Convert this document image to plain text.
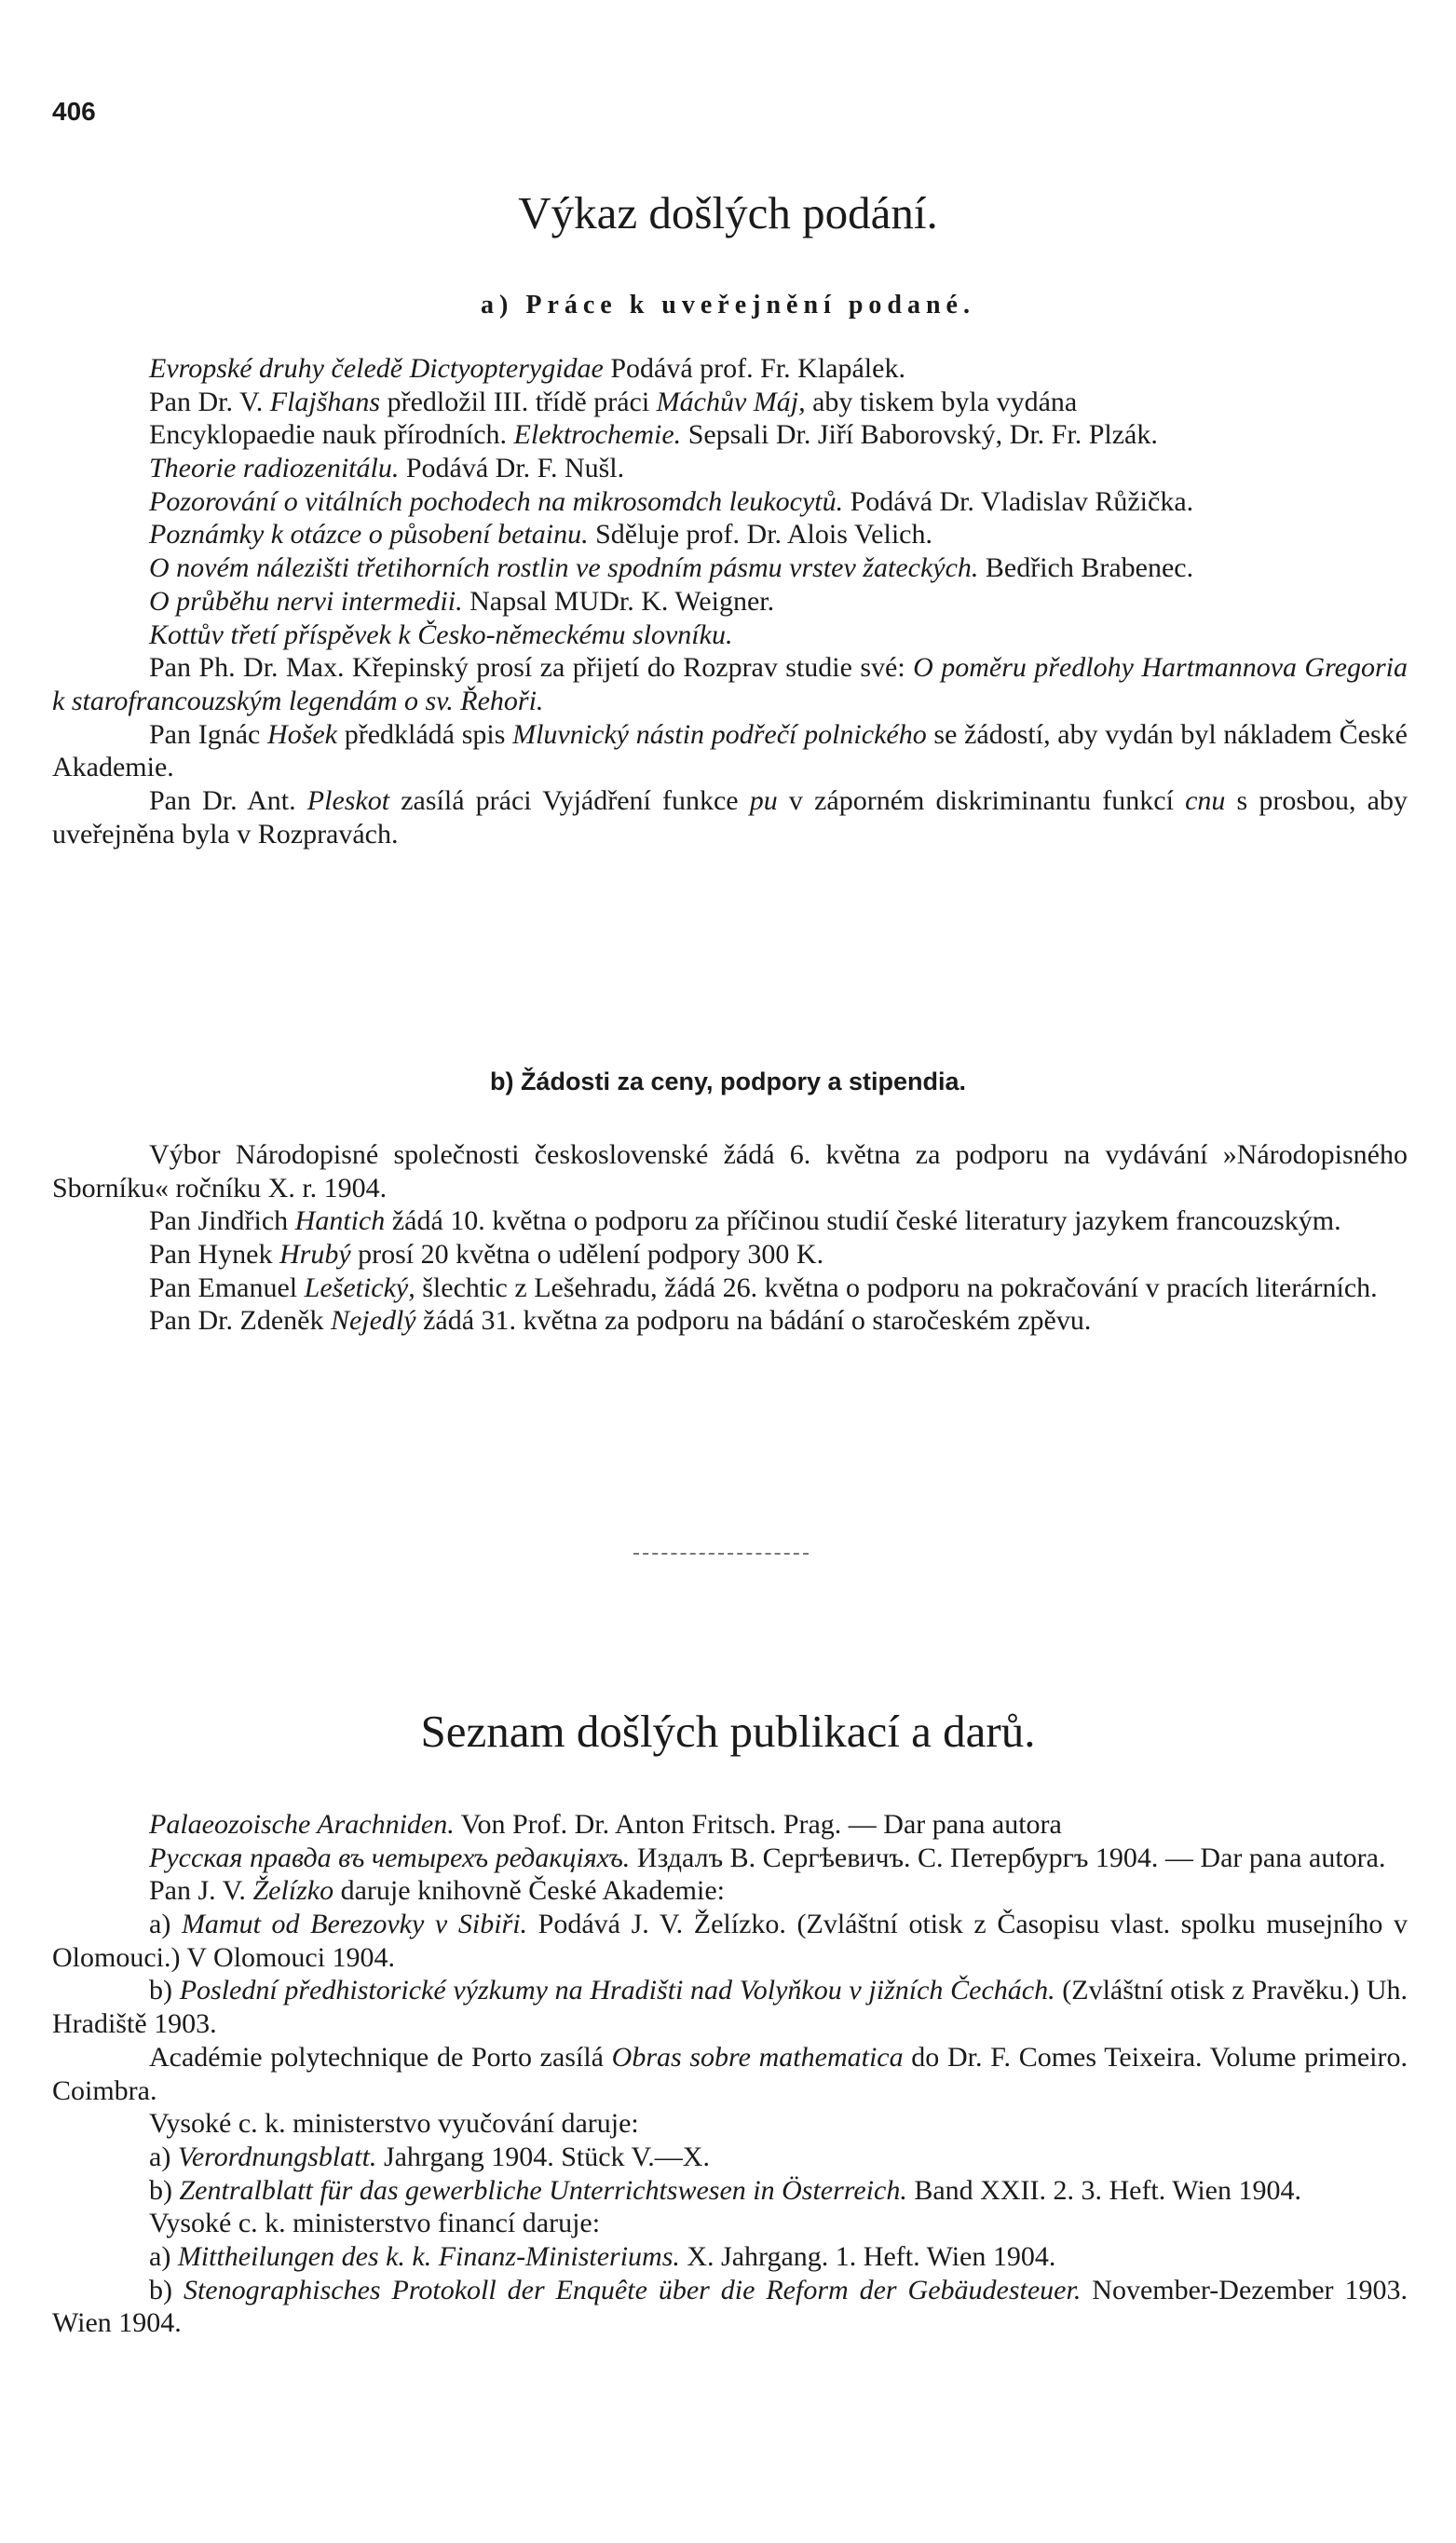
406
Výkaz došlých podání.
a) Práce k uveřejnění podané.

Evropské druhy čeledě Dictyopterygidae Podává prof. Fr. Klapálek.

Pan Dr. V. Flajšhans předložil III. třídě práci Máchův Máj, aby tiskem byla vydána

Encyklopaedie nauk přírodních. Elektrochemie. Sepsali Dr. Jiří Baborovský, Dr. Fr. Plzák.

Theorie radiozenitálu. Podává Dr. F. Nušl.

Pozorování o vitálních pochodech na mikrosomdch leukocytů. Podává Dr. Vladislav Růžička.

Poznámky k otázce o působení betainu. Sděluje prof. Dr. Alois Velich.

O novém nálezišti třetihorních rostlin ve spodním pásmu vrstev žateckých. Bedřich Brabenec.

O průběhu nervi intermedii. Napsal MUDr. K. Weigner.

Kottův třetí příspěvek k Česko-německému slovníku.

Pan Ph. Dr. Max. Křepinský prosí za přijetí do Rozprav studie své: O poměru předlohy Hartmannova Gregoria k starofrancouzským legendám o sv. Řehoři.

Pan Ignác Hošek předkládá spis Mluvnický nástin podřečí polnického se žádostí, aby vydán byl nákladem České Akademie.

Pan Dr. Ant. Pleskot zasílá práci Vyjádření funkce pu v záporném diskriminantu funkcí cnu s prosbou, aby uveřejněna byla v Rozpravách.

b) Žádosti za ceny, podpory a stipendia.

Výbor Národopisné společnosti československé žádá 6. května za podporu na vydávání »Národopisného Sborníku« ročníku X. r. 1904.

Pan Jindřich Hantich žádá 10. května o podporu za příčinou studií české literatury jazykem francouzským.

Pan Hynek Hrubý prosí 20 května o udělení podpory 300 K.

Pan Emanuel Lešetický, šlechtic z Lešehradu, žádá 26. května o podporu na pokračování v pracích literárních.

Pan Dr. Zdeněk Nejedlý žádá 31. května za podporu na bádání o staročeském zpěvu.

Seznam došlých publikací a darů.

Palaeozoische Arachniden. Von Prof. Dr. Anton Fritsch. Prag. — Dar pana autora

Русская правда въ четырехъ редакціяхъ. Издалъ В. Сергѣевичъ. С. Петербургъ 1904. — Dar pana autora.

Pan J. V. Želízko daruje knihovně České Akademie:

a) Mamut od Berezovky v Sibiři. Podává J. V. Želízko. (Zvláštní otisk z Časopisu vlast. spolku musejního v Olomouci.) V Olomouci 1904.

b) Poslední předhistorické výzkumy na Hradišti nad Volyňkou v jižních Čechách. (Zvláštní otisk z Pravěku.) Uh. Hradiště 1903.

Académie polytechnique de Porto zasílá Obras sobre mathematica do Dr. F. Comes Teixeira. Volume primeiro. Coimbra.

Vysoké c. k. ministerstvo vyučování daruje:

a) Verordnungsblatt. Jahrgang 1904. Stück V.—X.

b) Zentralblatt für das gewerbliche Unterrichtswesen in Österreich. Band XXII. 2. 3. Heft. Wien 1904.

Vysoké c. k. ministerstvo financí daruje:

a) Mittheilungen des k. k. Finanz-Ministeriums. X. Jahrgang. 1. Heft. Wien 1904.

b) Stenographisches Protokoll der Enquête über die Reform der Gebäudesteuer. November-Dezember 1903. Wien 1904.
